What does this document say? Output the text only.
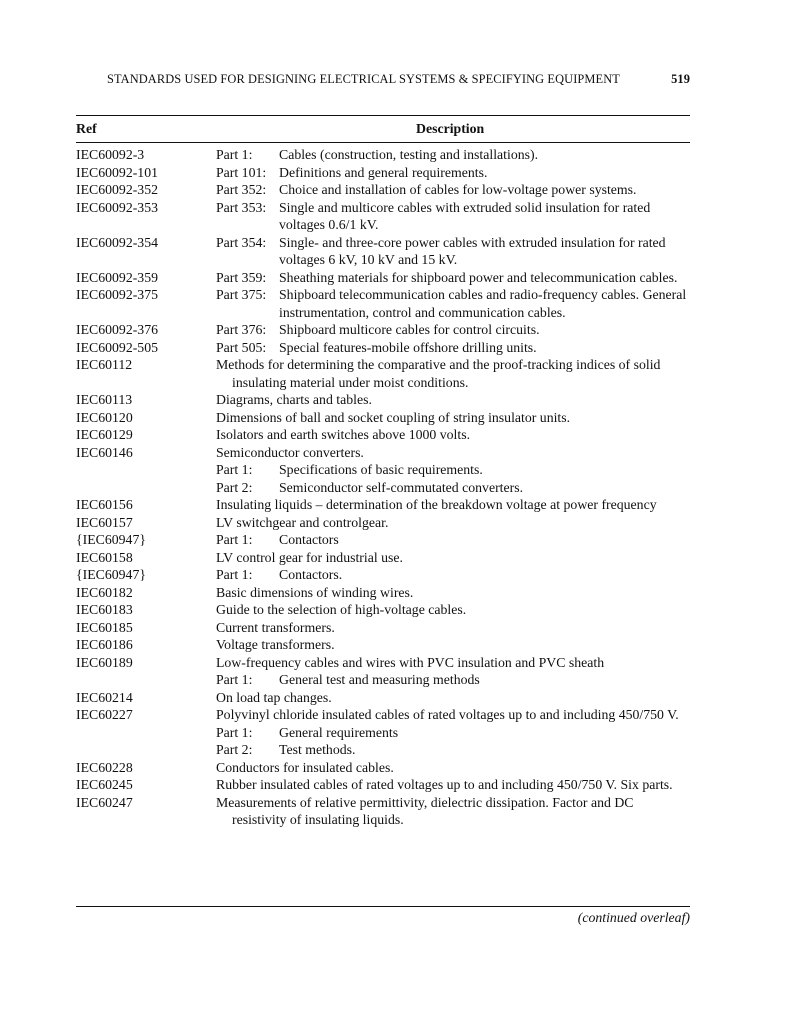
STANDARDS USED FOR DESIGNING ELECTRICAL SYSTEMS & SPECIFYING EQUIPMENT	519
Ref	Description
IEC60092-3	Part 1: Cables (construction, testing and installations).
IEC60092-101	Part 101: Definitions and general requirements.
IEC60092-352	Part 352: Choice and installation of cables for low-voltage power systems.
IEC60092-353	Part 353: Single and multicore cables with extruded solid insulation for rated voltages 0.6/1 kV.
IEC60092-354	Part 354: Single- and three-core power cables with extruded insulation for rated voltages 6 kV, 10 kV and 15 kV.
IEC60092-359	Part 359: Sheathing materials for shipboard power and telecommunication cables.
IEC60092-375	Part 375: Shipboard telecommunication cables and radio-frequency cables. General instrumentation, control and communication cables.
IEC60092-376	Part 376: Shipboard multicore cables for control circuits.
IEC60092-505	Part 505: Special features-mobile offshore drilling units.
IEC60112	Methods for determining the comparative and the proof-tracking indices of solid insulating material under moist conditions.
IEC60113	Diagrams, charts and tables.
IEC60120	Dimensions of ball and socket coupling of string insulator units.
IEC60129	Isolators and earth switches above 1000 volts.
IEC60146	Semiconductor converters.
Part 1: Specifications of basic requirements.
Part 2: Semiconductor self-commutated converters.
IEC60156	Insulating liquids – determination of the breakdown voltage at power frequency
IEC60157	LV switchgear and controlgear.
{IEC60947}	Part 1: Contactors
IEC60158	LV control gear for industrial use.
{IEC60947}	Part 1: Contactors.
IEC60182	Basic dimensions of winding wires.
IEC60183	Guide to the selection of high-voltage cables.
IEC60185	Current transformers.
IEC60186	Voltage transformers.
IEC60189	Low-frequency cables and wires with PVC insulation and PVC sheath
Part 1: General test and measuring methods
IEC60214	On load tap changes.
IEC60227	Polyvinyl chloride insulated cables of rated voltages up to and including 450/750 V.
Part 1: General requirements
Part 2: Test methods.
IEC60228	Conductors for insulated cables.
IEC60245	Rubber insulated cables of rated voltages up to and including 450/750 V. Six parts.
IEC60247	Measurements of relative permittivity, dielectric dissipation. Factor and DC resistivity of insulating liquids.
(continued overleaf)
